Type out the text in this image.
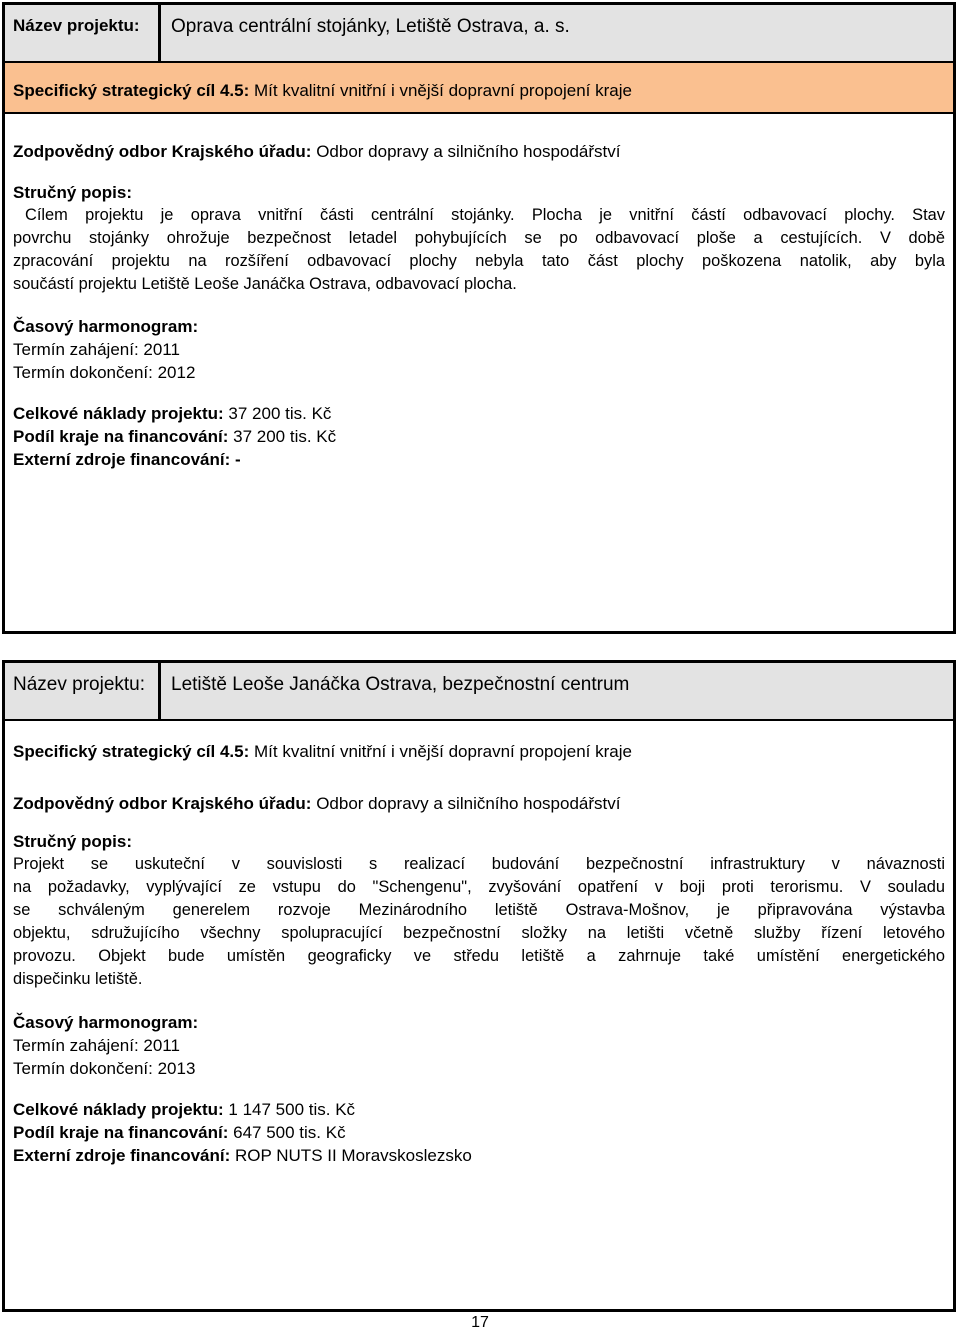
Název projektu:	Oprava centrální stojánky, Letiště Ostrava, a. s.
Specifický strategický cíl 4.5: Mít kvalitní vnitřní i vnější dopravní propojení kraje
Zodpovědný odbor Krajského úřadu: Odbor dopravy a silničního hospodářství
Stručný popis:
Cílem projektu je oprava vnitřní části centrální stojánky. Plocha je vnitřní částí odbavovací plochy. Stav
povrchu stojánky ohrožuje bezpečnost letadel pohybujících se po odbavovací ploše a cestujících. V době
zpracování projektu na rozšíření odbavovací plochy nebyla tato část plochy poškozena natolik, aby byla
součástí projektu Letiště Leoše Janáčka Ostrava, odbavovací plocha.
Časový harmonogram:
Termín zahájení: 2011
Termín dokončení: 2012
Celkové náklady projektu: 37 200 tis. Kč
Podíl kraje na financování: 37 200 tis. Kč
Externí zdroje financování: -
Název projektu:	Letiště Leoše Janáčka Ostrava, bezpečnostní centrum
Specifický strategický cíl 4.5: Mít kvalitní vnitřní i vnější dopravní propojení kraje
Zodpovědný odbor Krajského úřadu: Odbor dopravy a silničního hospodářství
Stručný popis:
Projekt se uskuteční v souvislosti s realizací budování bezpečnostní infrastruktury v návaznosti
na požadavky, vyplývající ze vstupu do "Schengenu", zvyšování opatření v boji proti terorismu. V souladu
se schváleným generelem rozvoje Mezinárodního letiště Ostrava-Mošnov, je připravována výstavba
objektu, sdružujícího všechny spolupracující bezpečnostní složky na letišti včetně služby řízení letového
provozu. Objekt bude umístěn geograficky ve středu letiště a zahrnuje také umístění energetického
dispečinku letiště.
Časový harmonogram:
Termín zahájení: 2011
Termín dokončení: 2013
Celkové náklady projektu: 1 147 500 tis. Kč
Podíl kraje na financování: 647 500 tis. Kč
Externí zdroje financování: ROP NUTS II Moravskoslezsko
17
